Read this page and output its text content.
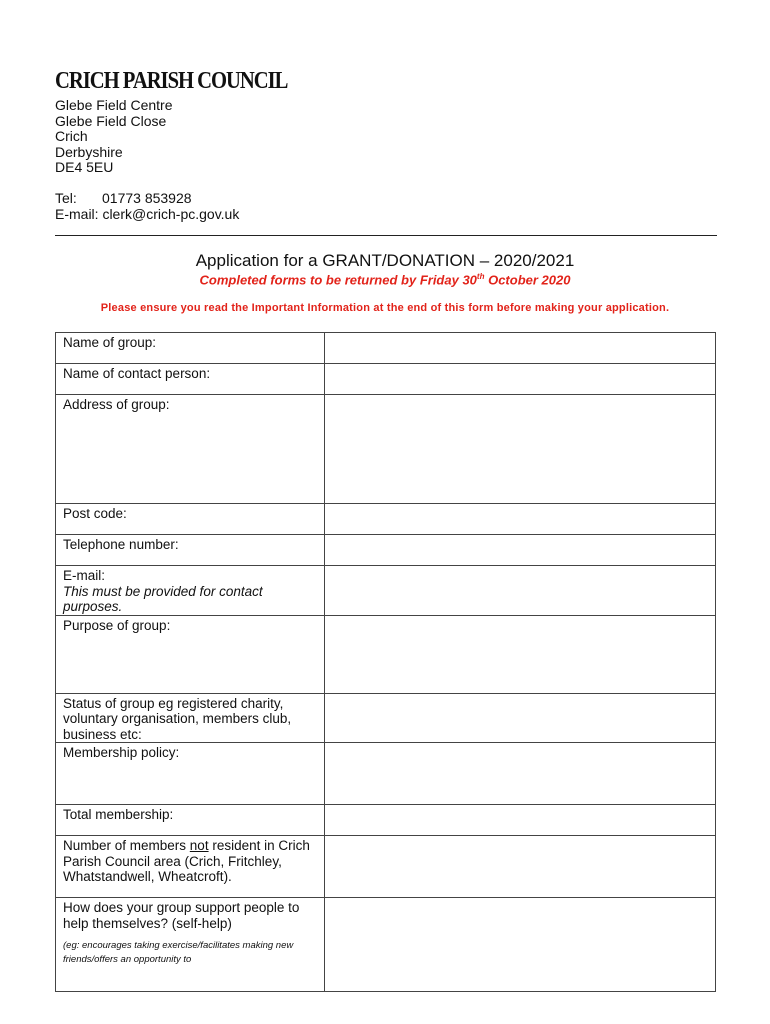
CRICH PARISH COUNCIL
Glebe Field Centre
Glebe Field Close
Crich
Derbyshire
DE4 5EU
Tel: 01773 853928
E-mail: clerk@crich-pc.gov.uk
Application for a GRANT/DONATION – 2020/2021
Completed forms to be returned by Friday 30th October 2020
Please ensure you read the Important Information at the end of this form before making your application.
Name of group:	
Name of contact person:	
Address of group:	
Post code:	
Telephone number:	

E-mail:
This must be provided for contact purposes.	

Purpose of group:	
Status of group eg registered charity, voluntary organisation, members club, business etc:	
Membership policy:	
Total membership:	
Number of members not resident in Crich Parish Council area (Crich, Fritchley, Whatstandwell, Wheatcroft).	

How does your group support people to help themselves? (self-help)
(eg: encourages taking exercise/facilitates making new friends/offers an opportunity to	
